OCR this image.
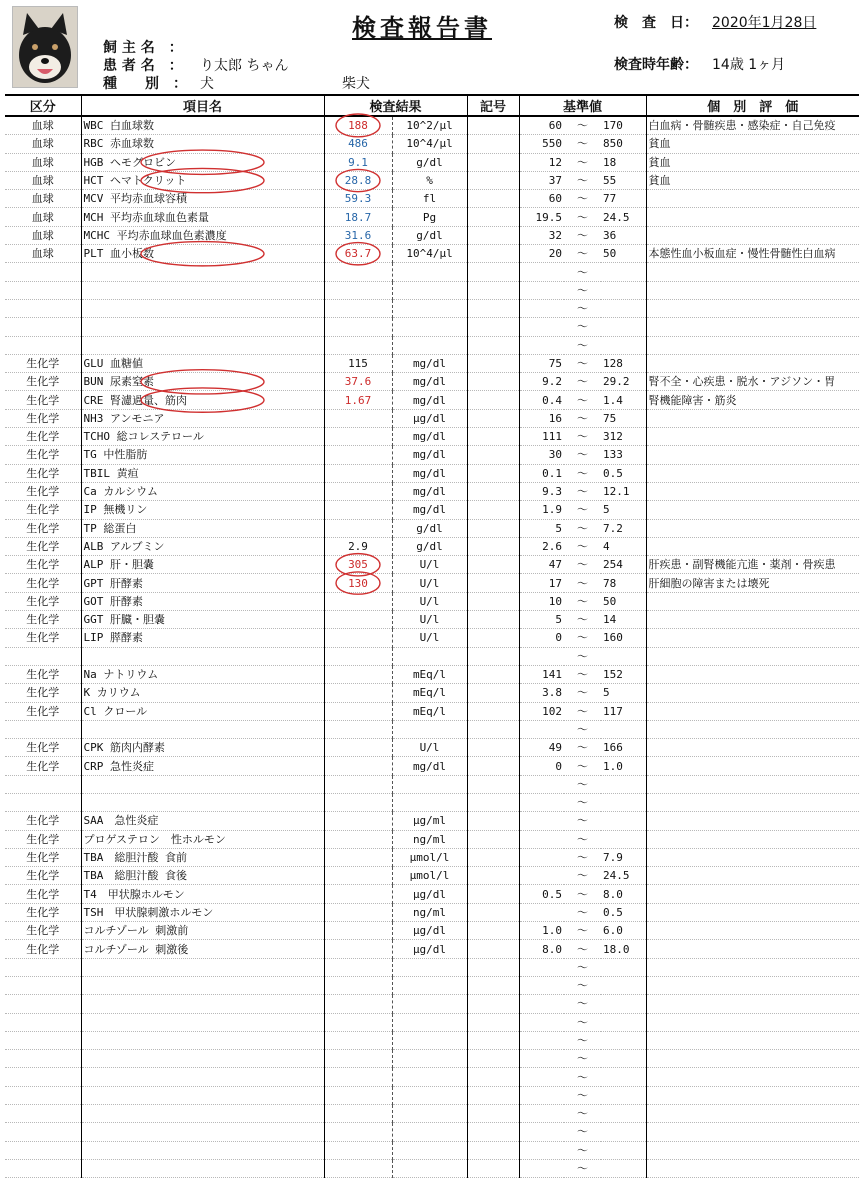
検査報告書	検　査　日： 2020年1月28日
飼 主 名　：
患 者 名　： り太郎 ちゃん
種　　別　： 犬	柴犬
検査時年齢： 14歳 1ヶ月
区分	項目名	検査結果		記号	基準値			個　別　評　価
血球	WBC 白血球数	188	10^2/μl		60	～	170	白血病・骨髄疾患・感染症・自己免疫
血球	RBC 赤血球数	486	10^4/μl		550	～	850	貧血
血球	HGB ヘモグロビン	9.1	g/dl		12	～	18	貧血
血球	HCT ヘマトクリット	28.8	%		37	～	55	貧血
血球	MCV 平均赤血球容積	59.3	fl		60	～	77	
血球	MCH 平均赤血球血色素量	18.7	Pg		19.5	～	24.5	
血球	MCHC 平均赤血球血色素濃度	31.6	g/dl		32	～	36	
血球	PLT 血小板数	63.7	10^4/μl		20	～	50	本態性血小板血症・慢性骨髄性白血病
						～		
						～		
						～		
						～		
						～		
生化学	GLU 血糖値	115	mg/dl		75	～	128	
生化学	BUN 尿素窒素	37.6	mg/dl		9.2	～	29.2	腎不全・心疾患・脱水・アジソン・胃
生化学	CRE 腎濾過量、筋肉	1.67	mg/dl		0.4	～	1.4	腎機能障害・筋炎
生化学	NH3 アンモニア		μg/dl		16	～	75	
生化学	TCHO 総コレステロール		mg/dl		111	～	312	
生化学	TG 中性脂肪		mg/dl		30	～	133	
生化学	TBIL 黄疸		mg/dl		0.1	～	0.5	
生化学	Ca カルシウム		mg/dl		9.3	～	12.1	
生化学	IP 無機リン		mg/dl		1.9	～	5	
生化学	TP 総蛋白		g/dl		5	～	7.2	
生化学	ALB アルブミン	2.9	g/dl		2.6	～	4	
生化学	ALP 肝・胆嚢	305	U/l		47	～	254	肝疾患・副腎機能亢進・薬剤・骨疾患
生化学	GPT 肝酵素	130	U/l		17	～	78	肝細胞の障害または壊死
生化学	GOT 肝酵素		U/l		10	～	50	
生化学	GGT 肝臓・胆嚢		U/l		5	～	14	
生化学	LIP 膵酵素		U/l		0	～	160	
						～		
生化学	Na ナトリウム		mEq/l		141	～	152	
生化学	K カリウム		mEq/l		3.8	～	5	
生化学	Cl クロール		mEq/l		102	～	117	
						～		
生化学	CPK 筋肉内酵素		U/l		49	～	166	
生化学	CRP 急性炎症		mg/dl		0	～	1.0	
						～		
						～		
生化学	SAA　急性炎症		μg/ml			～		
生化学	プロゲステロン　性ホルモン		ng/ml			～		
生化学	TBA　総胆汁酸 食前		μmol/l			～	7.9	
生化学	TBA　総胆汁酸 食後		μmol/l			～	24.5	
生化学	T4　甲状腺ホルモン		μg/dl		0.5	～	8.0	
生化学	TSH　甲状腺刺激ホルモン		ng/ml			～	0.5	
生化学	コルチゾール 刺激前		μg/dl		1.0	～	6.0	
生化学	コルチゾール 刺激後		μg/dl		8.0	～	18.0	
						～		
						～		
						～		
						～		
						～		
						～		
						～		
						～		
						～		
						～		
						～		
						～		
